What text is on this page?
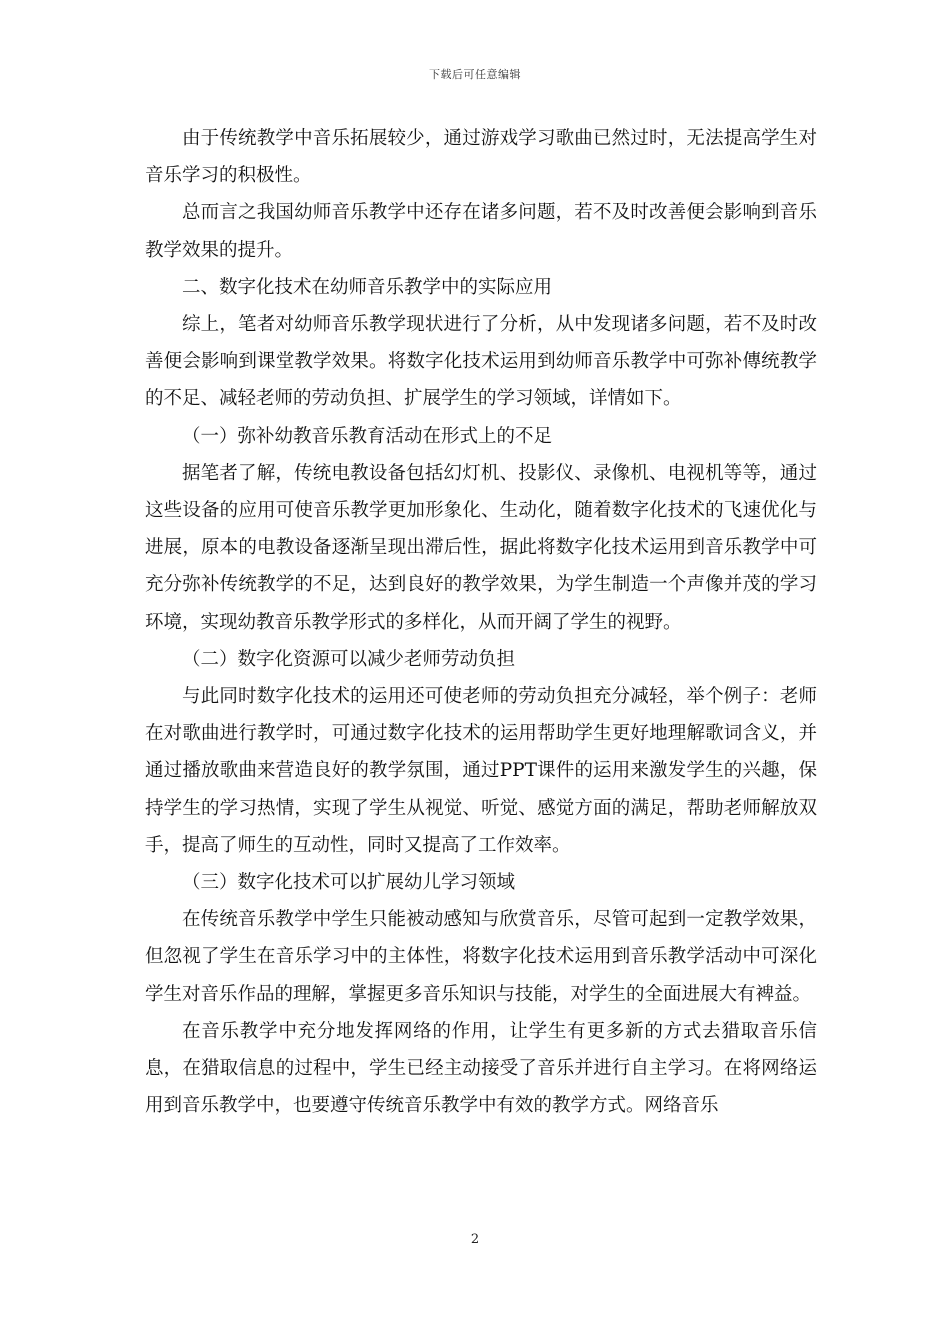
下载后可任意编辑

由于传统教学中音乐拓展较少，通过游戏学习歌曲已然过时，无法提高学生对音乐学习的积极性。

总而言之我国幼师音乐教学中还存在诸多问题，若不及时改善便会影响到音乐教学效果的提升。

二、数字化技术在幼师音乐教学中的实际应用

综上，笔者对幼师音乐教学现状进行了分析，从中发现诸多问题，若不及时改善便会影响到课堂教学效果。将数字化技术运用到幼师音乐教学中可弥补傳统教学的不足、减轻老师的劳动负担、扩展学生的学习领域，详情如下。

（一）弥补幼教音乐教育活动在形式上的不足

据笔者了解，传统电教设备包括幻灯机、投影仪、录像机、电视机等等，通过这些设备的应用可使音乐教学更加形象化、生动化，随着数字化技术的飞速优化与进展，原本的电教设备逐渐呈现出滞后性，据此将数字化技术运用到音乐教学中可充分弥补传统教学的不足，达到良好的教学效果，为学生制造一个声像并茂的学习环境，实现幼教音乐教学形式的多样化，从而开阔了学生的视野。

（二）数字化资源可以减少老师劳动负担

与此同时数字化技术的运用还可使老师的劳动负担充分减轻，举个例子：老师在对歌曲进行教学时，可通过数字化技术的运用帮助学生更好地理解歌词含义，并通过播放歌曲来营造良好的教学氛围，通过PPT课件的运用来激发学生的兴趣，保持学生的学习热情，实现了学生从视觉、听觉、感觉方面的满足，帮助老师解放双手，提高了师生的互动性，同时又提高了工作效率。

（三）数字化技术可以扩展幼儿学习领域

在传统音乐教学中学生只能被动感知与欣赏音乐，尽管可起到一定教学效果，但忽视了学生在音乐学习中的主体性，将数字化技术运用到音乐教学活动中可深化学生对音乐作品的理解，掌握更多音乐知识与技能，对学生的全面进展大有裨益。

在音乐教学中充分地发挥网络的作用，让学生有更多新的方式去猎取音乐信息，在猎取信息的过程中，学生已经主动接受了音乐并进行自主学习。在将网络运用到音乐教学中，也要遵守传统音乐教学中有效的教学方式。网络音乐

2
